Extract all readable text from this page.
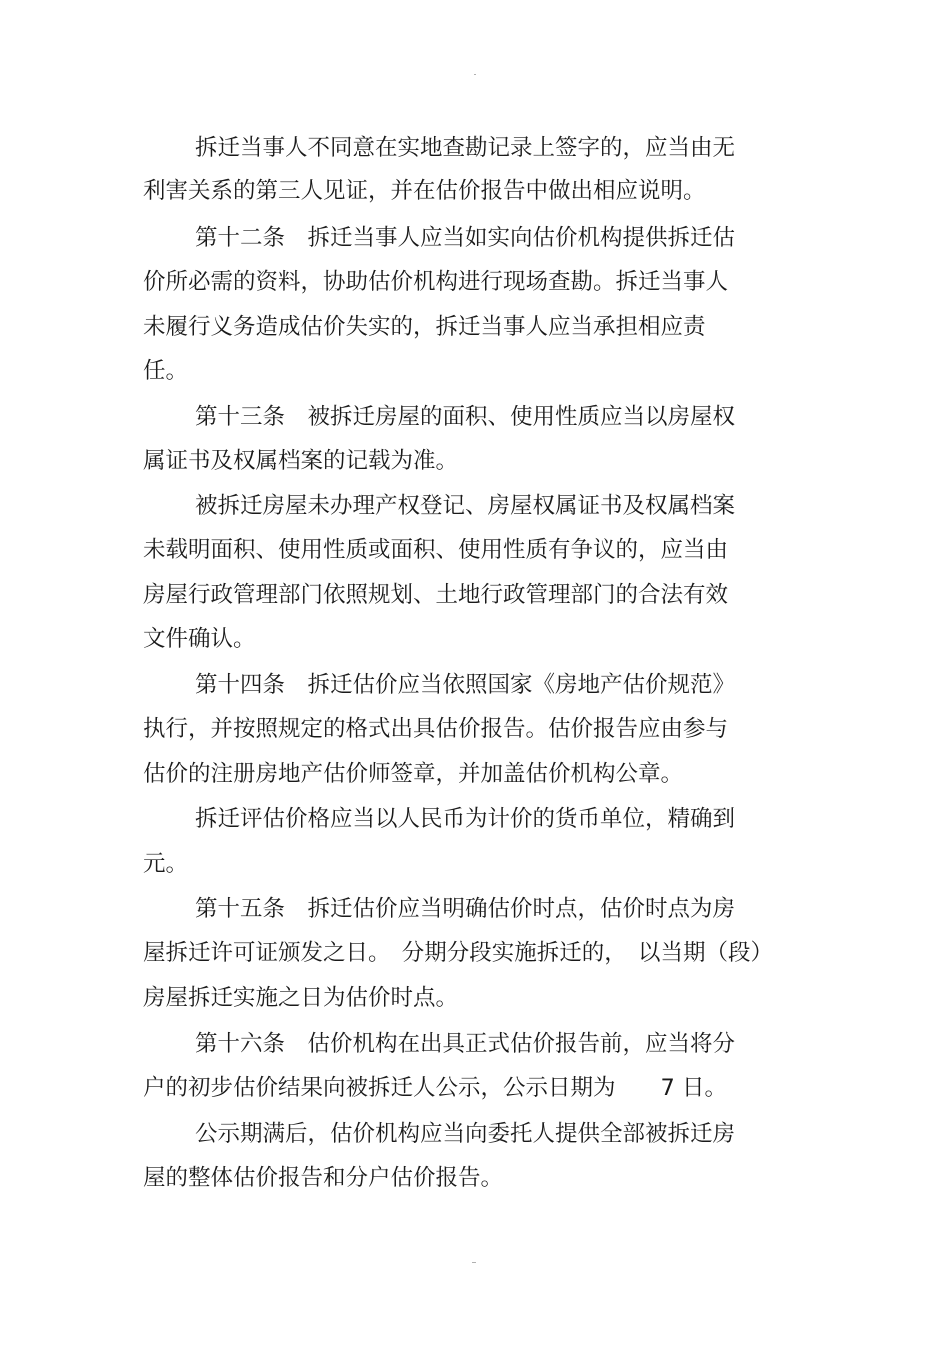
拆迁当事人不同意在实地查勘记录上签字的，应当由无
利害关系的第三人见证，并在估价报告中做出相应说明。
第十二条　拆迁当事人应当如实向估价机构提供拆迁估
价所必需的资料，协助估价机构进行现场查勘。拆迁当事人
未履行义务造成估价失实的，拆迁当事人应当承担相应责
任。
第十三条　被拆迁房屋的面积、使用性质应当以房屋权
属证书及权属档案的记载为准。
被拆迁房屋未办理产权登记、房屋权属证书及权属档案
未载明面积、使用性质或面积、使用性质有争议的，应当由
房屋行政管理部门依照规划、土地行政管理部门的合法有效
文件确认。
第十四条　拆迁估价应当依照国家《房地产估价规范》
执行，并按照规定的格式出具估价报告。估价报告应由参与
估价的注册房地产估价师签章，并加盖估价机构公章。
拆迁评估价格应当以人民币为计价的货币单位，精确到
元。
第十五条　拆迁估价应当明确估价时点，估价时点为房
屋拆迁许可证颁发之日。　分期分段实施拆迁的，　以当期（段）
房屋拆迁实施之日为估价时点。
第十六条　估价机构在出具正式估价报告前，应当将分
户的初步估价结果向被拆迁人公示，公示日期为　　7 日。
公示期满后，估价机构应当向委托人提供全部被拆迁房
屋的整体估价报告和分户估价报告。
